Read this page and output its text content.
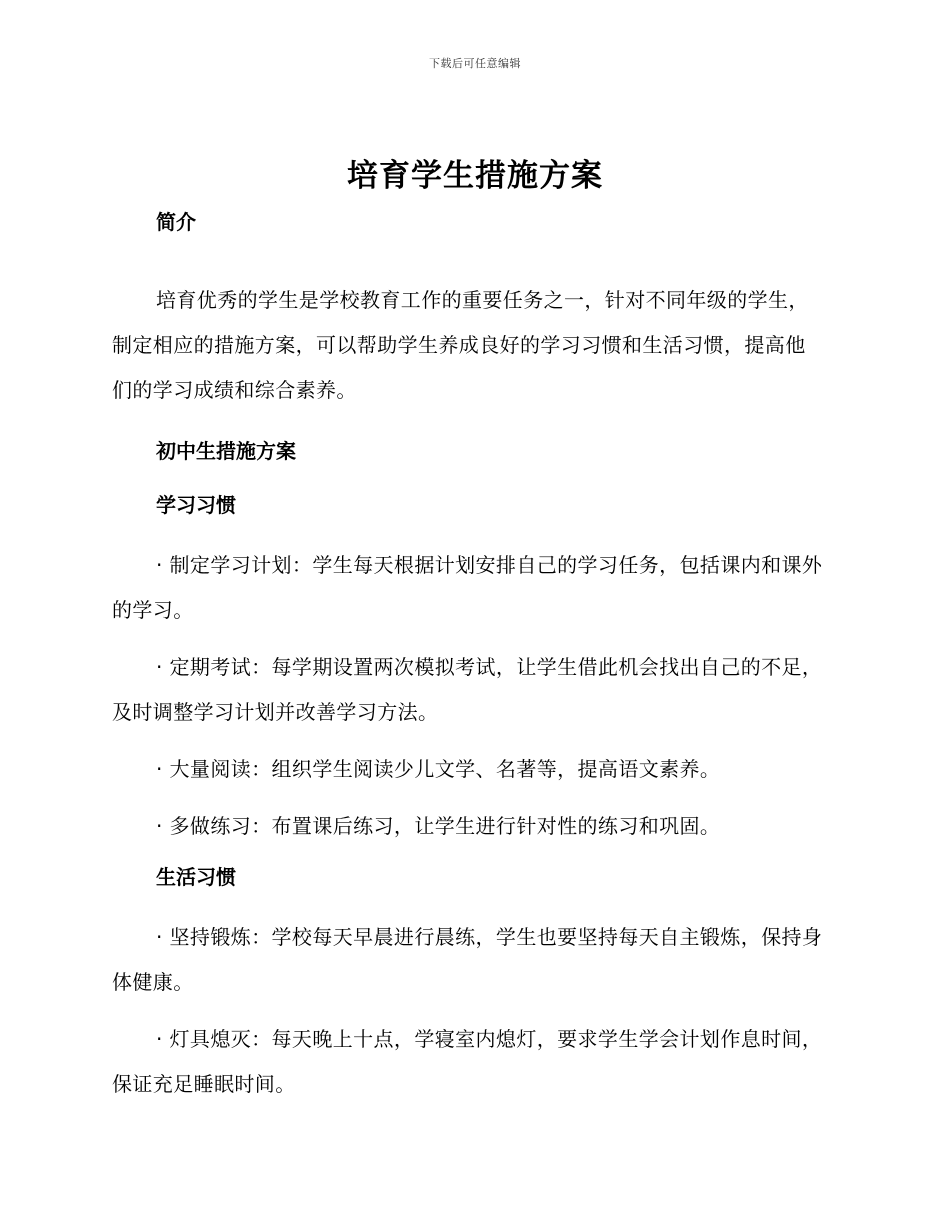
下载后可任意编辑
培育学生措施方案
简介

培育优秀的学生是学校教育工作的重要任务之一，针对不同年级的学生，制定相应的措施方案，可以帮助学生养成良好的学习习惯和生活习惯，提高他们的学习成绩和综合素养。

初中生措施方案
学习习惯

· 制定学习计划：学生每天根据计划安排自己的学习任务，包括课内和课外的学习。

· 定期考试：每学期设置两次模拟考试，让学生借此机会找出自己的不足，及时调整学习计划并改善学习方法。

· 大量阅读：组织学生阅读少儿文学、名著等，提高语文素养。

· 多做练习：布置课后练习，让学生进行针对性的练习和巩固。

生活习惯

· 坚持锻炼：学校每天早晨进行晨练，学生也要坚持每天自主锻炼，保持身体健康。

· 灯具熄灭：每天晚上十点，学寝室内熄灯，要求学生学会计划作息时间，保证充足睡眠时间。
